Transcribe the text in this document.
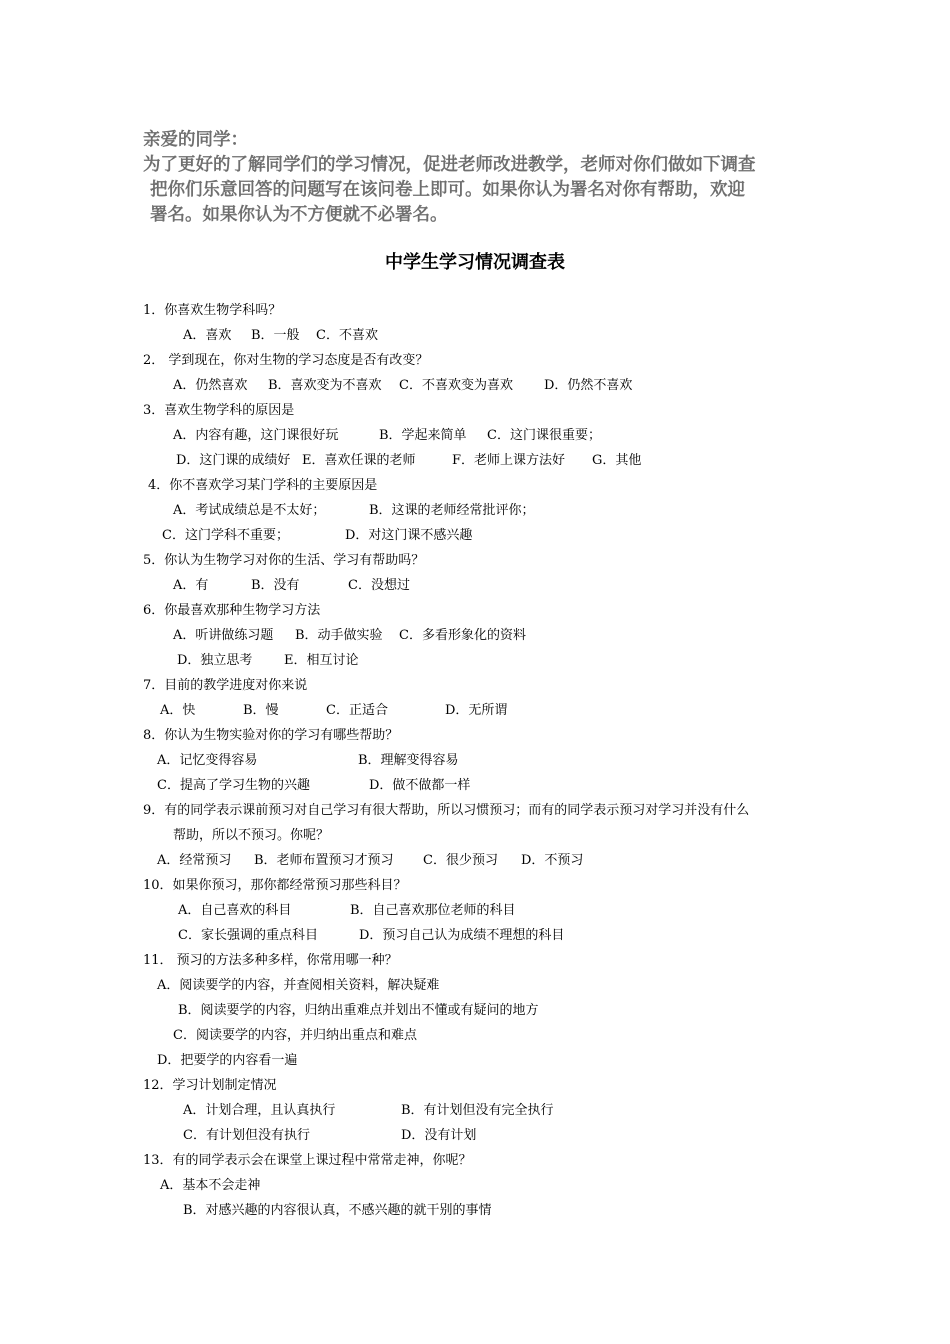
亲爱的同学：
为了更好的了解同学们的学习情况，促进老师改进教学，老师对你们做如下调查
把你们乐意回答的问题写在该问卷上即可。如果你认为署名对你有帮助，欢迎
署名。如果你认为不方便就不必署名。
中学生学习情况调查表
1．你喜欢生物学科吗？
A．喜欢 B．一般 C．不喜欢
2． 学到现在，你对生物的学习态度是否有改变？
A．仍然喜欢 B．喜欢变为不喜欢 C．不喜欢变为喜欢 D．仍然不喜欢
3．喜欢生物学科的原因是
A．内容有趣，这门课很好玩	B．学起来简单 C．这门课很重要；
D．这门课的成绩好 E．喜欢任课的老师	F．老师上课方法好 G．其他
4．你不喜欢学习某门学科的主要原因是
A．考试成绩总是不太好；	B．这课的老师经常批评你；
C．这门学科不重要；	D．对这门课不感兴趣
5．你认为生物学习对你的生活、学习有帮助吗？
A．有	B．没有	C．没想过
6．你最喜欢那种生物学习方法
A．听讲做练习题 B．动手做实验 C．多看形象化的资料
D．独立思考 E．相互讨论
7．目前的教学进度对你来说
A．快	B．慢	C．正适合	D．无所谓
8．你认为生物实验对你的学习有哪些帮助？
A．记忆变得容易	B．理解变得容易
C．提高了学习生物的兴趣	D．做不做都一样
9．有的同学表示课前预习对自己学习有很大帮助，所以习惯预习；而有的同学表示预习对学习并没有什么
帮助，所以不预习。你呢？
A．经常预习 B．老师布置预习才预习 C．很少预习 D．不预习
10．如果你预习，那你都经常预习那些科目？
A．自己喜欢的科目	B．自己喜欢那位老师的科目
C．家长强调的重点科目	D．预习自己认为成绩不理想的科目
11． 预习的方法多种多样，你常用哪一种？
A．阅读要学的内容，并查阅相关资料，解决疑难
B．阅读要学的内容，归纳出重难点并划出不懂或有疑问的地方
C．阅读要学的内容，并归纳出重点和难点
D．把要学的内容看一遍
12．学习计划制定情况
A．计划合理，且认真执行	B．有计划但没有完全执行
C．有计划但没有执行	D．没有计划
13．有的同学表示会在课堂上课过程中常常走神，你呢？
A．基本不会走神
B．对感兴趣的内容很认真，不感兴趣的就干别的事情
